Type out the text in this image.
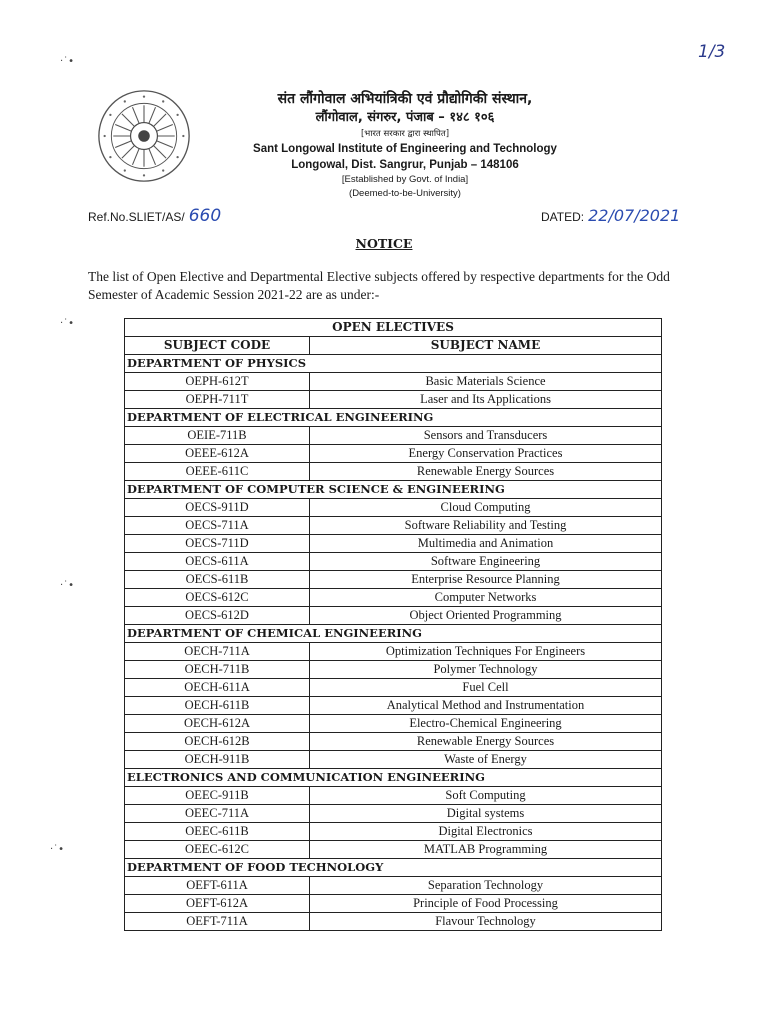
1/3
·˙•
·˙•
·˙•
·˙•
संत लौंगोवाल अभियांत्रिकी एवं प्रौद्योगिकी संस्थान,
लौंगोवाल, संगरुर, पंजाब – १४८ १०६
[भारत सरकार द्वारा स्थापित]
Sant Longowal Institute of Engineering and Technology
Longowal, Dist. Sangrur, Punjab – 148106
[Established by Govt. of India]
(Deemed-to-be-University)
Ref.No.SLIET/AS/ 660	DATED: 22/07/2021
NOTICE
The list of Open Elective and Departmental Elective subjects offered by respective departments for the Odd Semester of Academic Session 2021-22 are as under:-
OPEN ELECTIVES	
SUBJECT CODE	SUBJECT NAME
DEPARTMENT OF PHYSICS	
OEPH-612T	Basic Materials Science
OEPH-711T	Laser and Its Applications
DEPARTMENT OF ELECTRICAL ENGINEERING	
OEIE-711B	Sensors and Transducers
OEEE-612A	Energy Conservation Practices
OEEE-611C	Renewable Energy Sources
DEPARTMENT OF COMPUTER SCIENCE & ENGINEERING	
OECS-911D	Cloud Computing
OECS-711A	Software Reliability and Testing
OECS-711D	Multimedia and Animation
OECS-611A	Software Engineering
OECS-611B	Enterprise Resource Planning
OECS-612C	Computer Networks
OECS-612D	Object Oriented Programming
DEPARTMENT OF CHEMICAL ENGINEERING	
OECH-711A	Optimization Techniques For Engineers
OECH-711B	Polymer Technology
OECH-611A	Fuel Cell
OECH-611B	Analytical Method and Instrumentation
OECH-612A	Electro-Chemical Engineering
OECH-612B	Renewable Energy Sources
OECH-911B	Waste of Energy
ELECTRONICS AND COMMUNICATION ENGINEERING	
OEEC-911B	Soft Computing
OEEC-711A	Digital systems
OEEC-611B	Digital Electronics
OEEC-612C	MATLAB Programming
DEPARTMENT OF FOOD TECHNOLOGY	
OEFT-611A	Separation Technology
OEFT-612A	Principle of Food Processing
OEFT-711A	Flavour Technology
